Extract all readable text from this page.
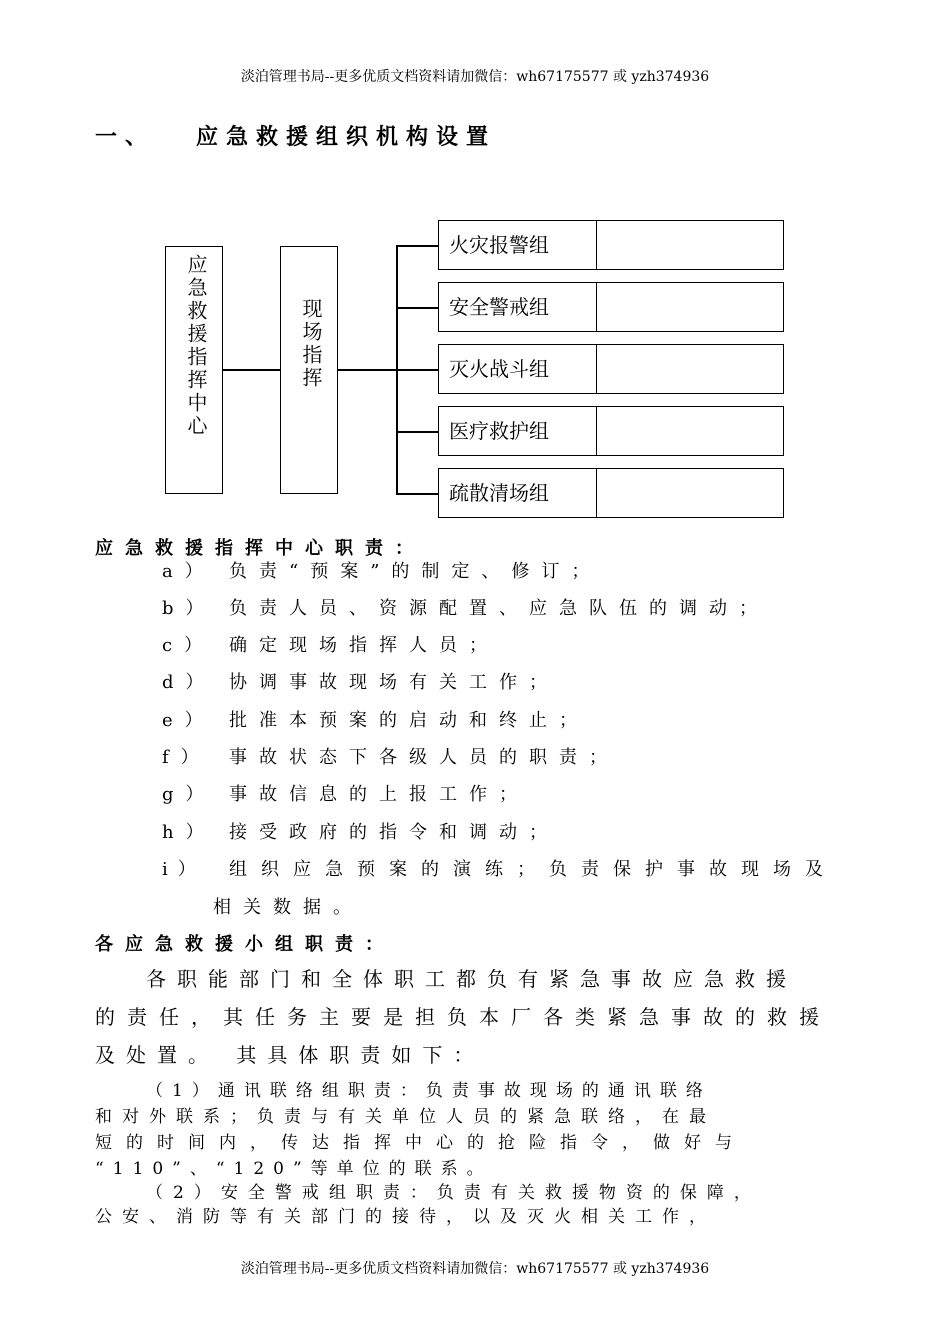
淡泊管理书局--更多优质文档资料请加微信：wh67175577 或 yzh374936
一、 应急救援组织机构设置
应急救援指挥中心	现场指挥
火灾报警组
安全警戒组
灭火战斗组
医疗救护组
疏散清场组
应急救援指挥中心职责：
a） 负责“预案”的制定、修订；
b） 负责人员、资源配置、应急队伍的调动；
c） 确定现场指挥人员；
d） 协调事故现场有关工作；
e） 批准本预案的启动和终止；
f） 事故状态下各级人员的职责；
g） 事故信息的上报工作；
h） 接受政府的指令和调动；
i） 组织应急预案的演练；负责保护事故现场及
相关数据。
各应急救援小组职责：
各职能部门和全体职工都负有紧急事故应急救援
的责任，其任务主要是担负本厂各类紧急事故的救援
及处置。 其具体职责如下：
（1）通讯联络组职责：负责事故现场的通讯联络
和对外联系；负责与有关单位人员的紧急联络，在最
短的时间内，传达指挥中心的抢险指令，做好与
“110”、“120”等单位的联系。
（2）安全警戒组职责：负责有关救援物资的保障，
公安、消防等有关部门的接待，以及灭火相关工作，
淡泊管理书局--更多优质文档资料请加微信：wh67175577 或 yzh374936
